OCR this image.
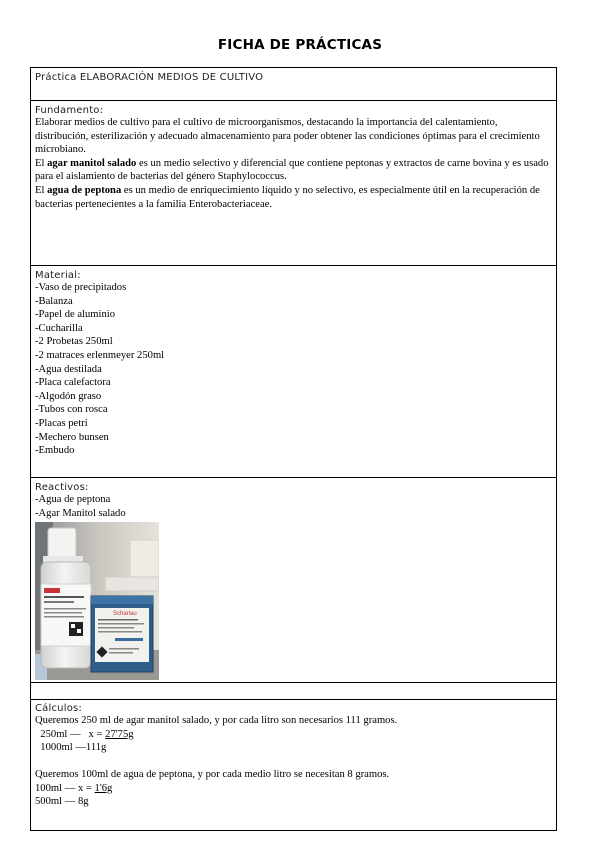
FICHA DE PRÁCTICAS
Práctica ELABORACIÓN MEDIOS DE CULTIVO

Fundamento:
Elaborar medios de cultivo para el cultivo de microorganismos, destacando la importancia del calentamiento, distribución, esterilización y adecuado almacenamiento para poder obtener las condiciones óptimas para el crecimiento microbiano.
El agar manitol salado es un medio selectivo y diferencial que contiene peptonas y extractos de carne bovina y es usado para el aislamiento de bacterias del género Staphylococcus.
El agua de peptona es un medio de enriquecimiento líquido y no selectivo, es especialmente útil en la recuperación de bacterias pertenecientes a la familia Enterobacteriaceae.

Material:
-Vaso de precipitados
-Balanza
-Papel de aluminio
-Cucharilla
-2 Probetas 250ml
-2 matraces erlenmeyer 250ml
-Agua destilada
-Placa calefactora
-Algodón graso
-Tubos con rosca
-Placas petri
-Mechero bunsen
-Embudo

Reactivos:
-Agua de peptona
-Agar Manitol salado
Scharlau

Cálculos:
Queremos 250 ml de agar manitol salado, y por cada litro son necesarios 111 gramos.
250ml —   x = 27'75g
1000ml —111g
Queremos 100ml de agua de peptona, y por cada medio litro se necesitan 8 gramos.
100ml — x = 1'6g
500ml — 8g
